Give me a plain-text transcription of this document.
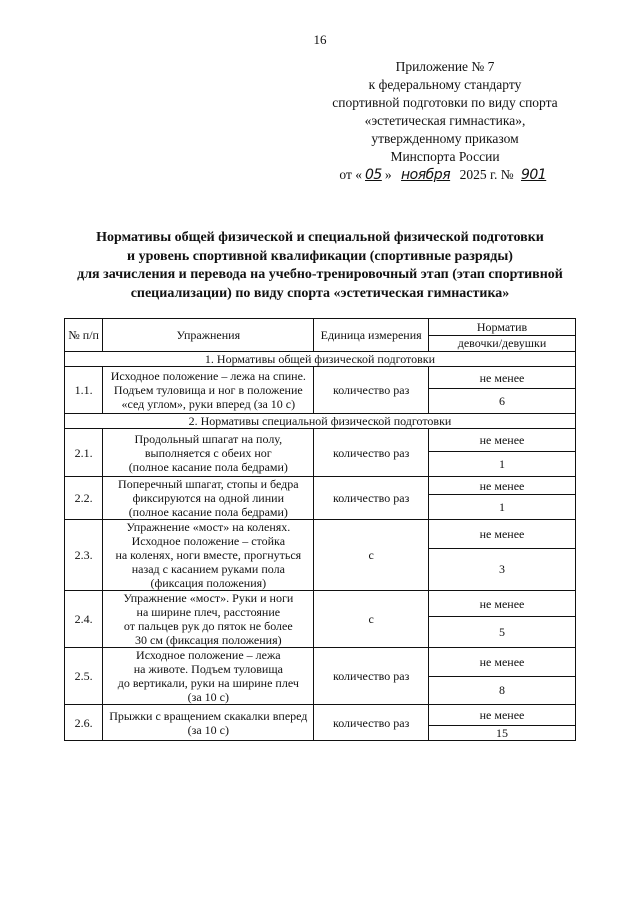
16
Приложение № 7
к федеральному стандарту
спортивной подготовки по виду спорта
«эстетическая гимнастика»,
утвержденному приказом
Минспорта России
от « 05 » ноября 2025 г. № 901
Нормативы общей физической и специальной физической подготовки
и уровень спортивной квалификации (спортивные разряды)
для зачисления и перевода на учебно-тренировочный этап (этап спортивной
специализации) по виду спорта «эстетическая гимнастика»
№ п/п	Упражнения	Единица измерения	Норматив
			девочки/девушки
1. Нормативы общей физической подготовки			
1.1.	Исходное положение – лежа на спине.
Подъем туловища и ног в положение
«сед углом», руки вперед (за 10 с)	количество раз	не менее
			6
2. Нормативы специальной физической подготовки			
2.1.	Продольный шпагат на полу,
выполняется с обеих ног
(полное касание пола бедрами)	количество раз	не менее
			1
2.2.	Поперечный шпагат, стопы и бедра
фиксируются на одной линии
(полное касание пола бедрами)	количество раз	не менее
			1
2.3.	Упражнение «мост» на коленях.
Исходное положение – стойка
на коленях, ноги вместе, прогнуться
назад с касанием руками пола
(фиксация положения)	с	не менее
			3
2.4.	Упражнение «мост». Руки и ноги
на ширине плеч, расстояние
от пальцев рук до пяток не более
30 см (фиксация положения)	с	не менее
			5
2.5.	Исходное положение – лежа
на животе. Подъем туловища
до вертикали, руки на ширине плеч
(за 10 с)	количество раз	не менее
			8
2.6.	Прыжки с вращением скакалки вперед
(за 10 с)	количество раз	не менее
			15
